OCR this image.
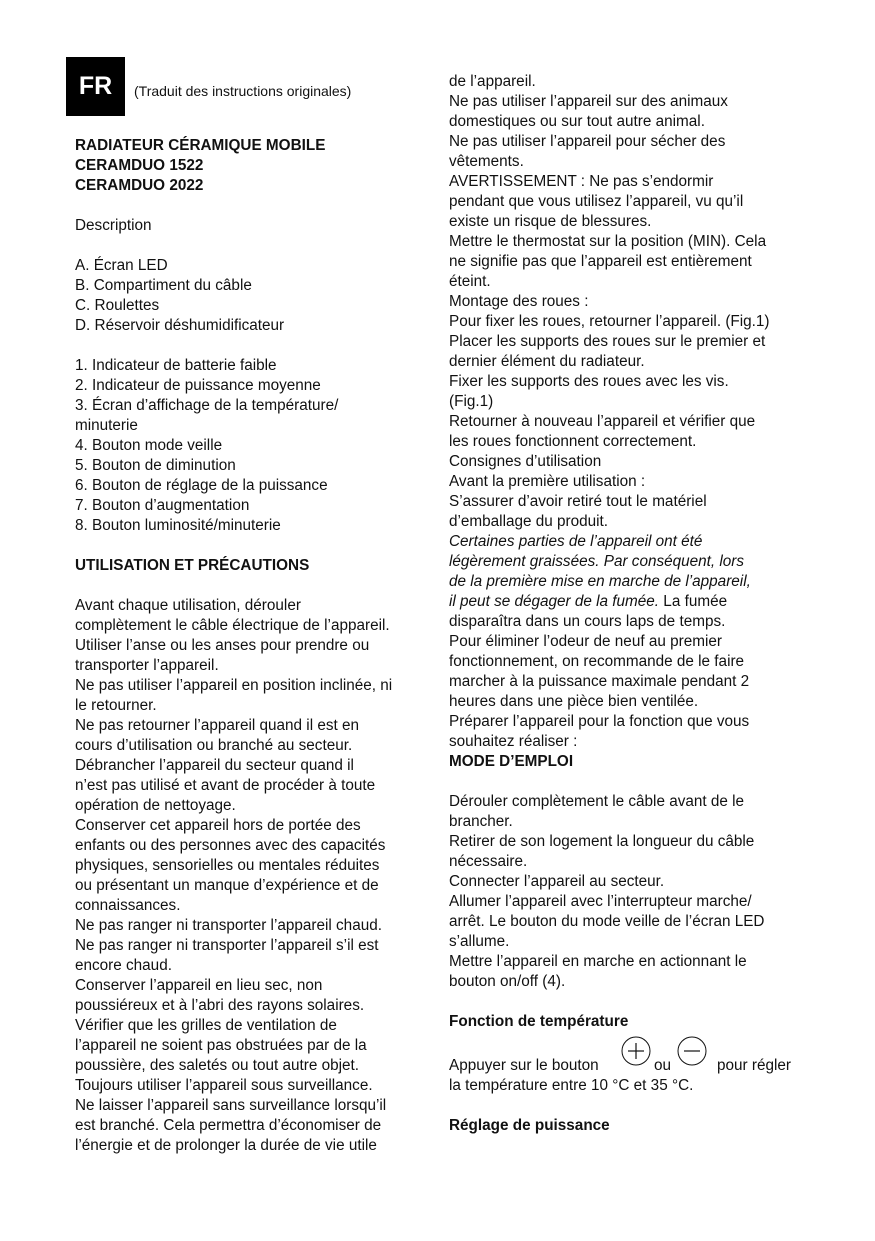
FR	(Traduit des instructions originales)
RADIATEUR CÉRAMIQUE MOBILE
CERAMDUO 1522
CERAMDUO 2022
Description
A. Écran LED
B. Compartiment du câble
C. Roulettes
D. Réservoir déshumidificateur
1. Indicateur de batterie faible
2. Indicateur de puissance moyenne
3. Écran d’affichage de la température/
minuterie
4. Bouton mode veille
5. Bouton de diminution
6. Bouton de réglage de la puissance
7. Bouton d’augmentation
8. Bouton luminosité/minuterie
UTILISATION ET PRÉCAUTIONS
Avant chaque utilisation, dérouler
complètement le câble électrique de l’appareil.
Utiliser l’anse ou les anses pour prendre ou
transporter l’appareil.
Ne pas utiliser l’appareil en position inclinée, ni
le retourner.
Ne pas retourner l’appareil quand il est en
cours d’utilisation ou branché au secteur.
Débrancher l’appareil du secteur quand il
n’est pas utilisé et avant de procéder à toute
opération de nettoyage.
Conserver cet appareil hors de portée des
enfants ou des personnes avec des capacités
physiques, sensorielles ou mentales réduites
ou présentant un manque d’expérience et de
connaissances.
Ne pas ranger ni transporter l’appareil chaud.
Ne pas ranger ni transporter l’appareil s’il est
encore chaud.
Conserver l’appareil en lieu sec, non
poussiéreux et à l’abri des rayons solaires.
Vérifier que les grilles de ventilation de
l’appareil ne soient pas obstruées par de la
poussière, des saletés ou tout autre objet.
Toujours utiliser l’appareil sous surveillance.
Ne laisser l’appareil sans surveillance lorsqu’il
est branché. Cela permettra d’économiser de
l’énergie et de prolonger la durée de vie utile
de l’appareil.
Ne pas utiliser l’appareil sur des animaux
domestiques ou sur tout autre animal.
Ne pas utiliser l’appareil pour sécher des
vêtements.
AVERTISSEMENT : Ne pas s’endormir
pendant que vous utilisez l’appareil, vu qu’il
existe un risque de blessures.
Mettre le thermostat sur la position (MIN). Cela
ne signifie pas que l’appareil est entièrement
éteint.
Montage des roues :
Pour fixer les roues, retourner l’appareil. (Fig.1)
Placer les supports des roues sur le premier et
dernier élément du radiateur.
Fixer les supports des roues avec les vis.
(Fig.1)
Retourner à nouveau l’appareil et vérifier que
les roues fonctionnent correctement.
Consignes d’utilisation
Avant la première utilisation :
S’assurer d’avoir retiré tout le matériel
d’emballage du produit.
Certaines parties de l’appareil ont été
légèrement graissées. Par conséquent, lors
de la première mise en marche de l’appareil,
il peut se dégager de la fumée. La fumée
disparaîtra dans un cours laps de temps.
Pour éliminer l’odeur de neuf au premier
fonctionnement, on recommande de le faire
marcher à la puissance maximale pendant 2
heures dans une pièce bien ventilée.
Préparer l’appareil pour la fonction que vous
souhaitez réaliser :
MODE D’EMPLOI
Dérouler complètement le câble avant de le
brancher.
Retirer de son logement la longueur du câble
nécessaire.
Connecter l’appareil au secteur.
Allumer l’appareil avec l’interrupteur marche/
arrêt. Le bouton du mode veille de l’écran LED
s’allume.
Mettre l’appareil en marche en actionnant le
bouton on/off (4).
Fonction de température
Appuyer sur le bouton	ou	pour régler
la température entre 10 °C et 35 °C.
Réglage de puissance
